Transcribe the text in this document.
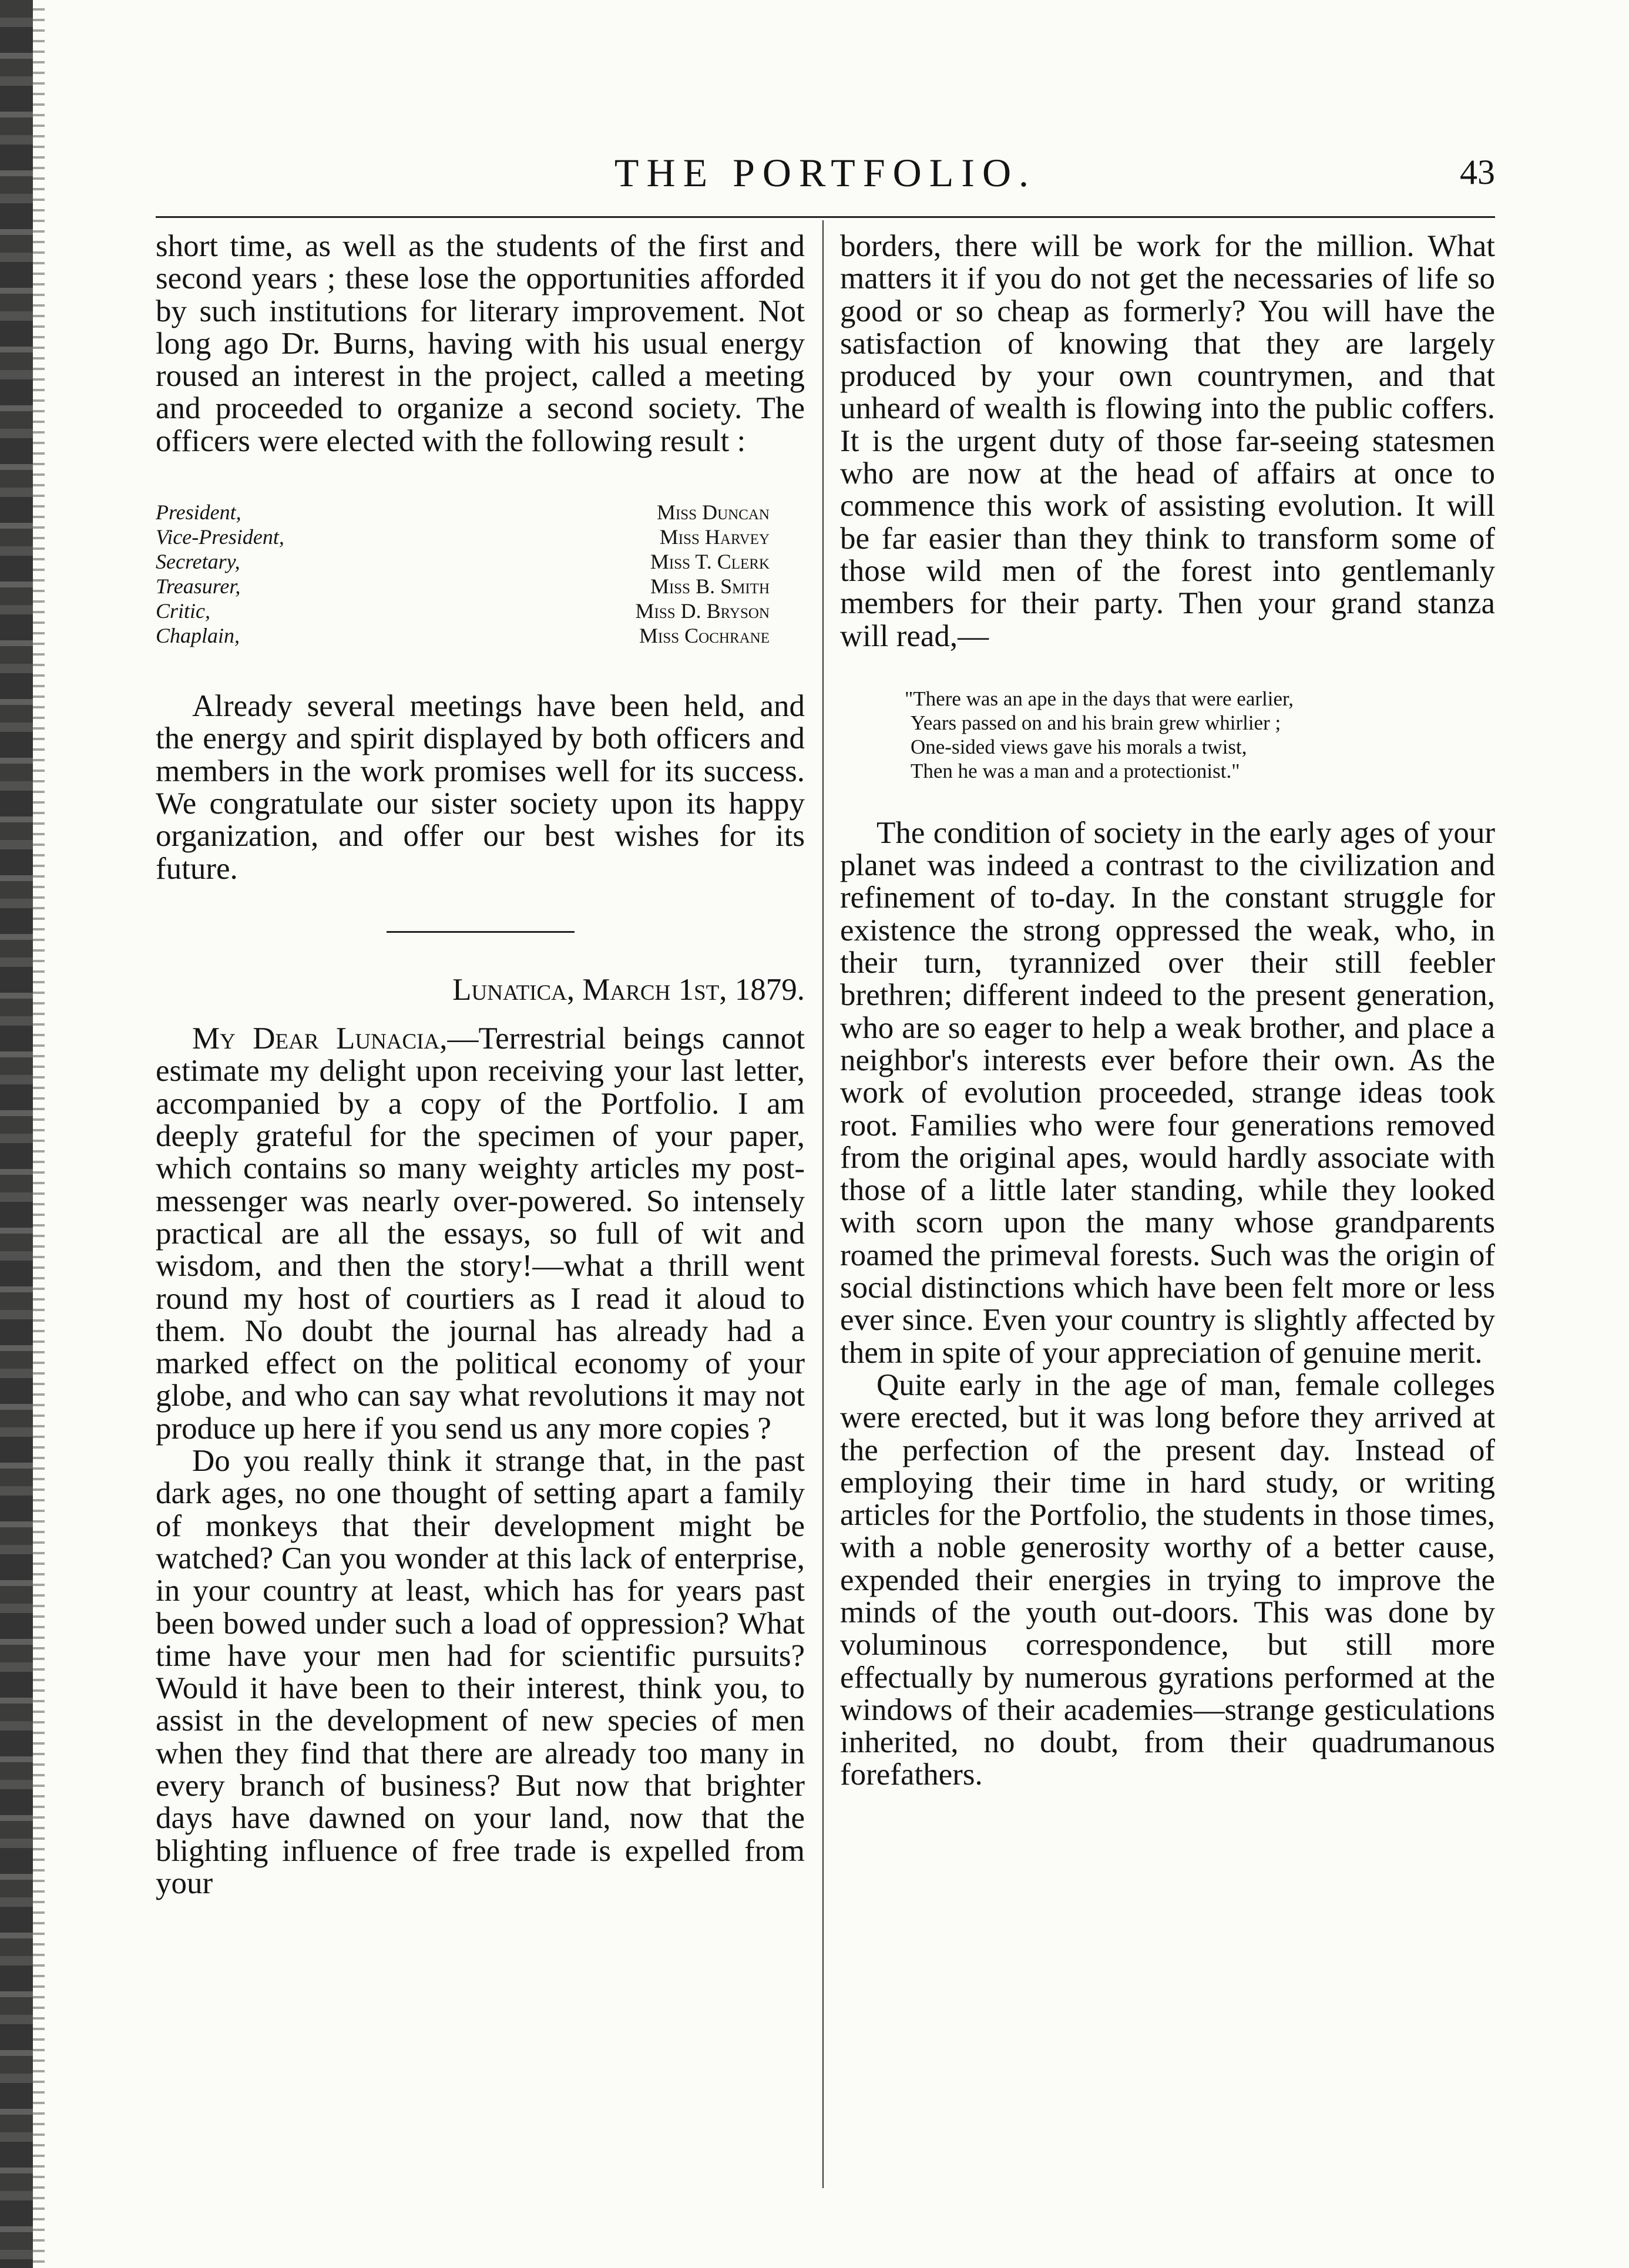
THE PORTFOLIO.	43

short time, as well as the students of the first and second years ; these lose the opportunities afforded by such institutions for literary improvement. Not long ago Dr. Burns, having with his usual energy roused an interest in the project, called a meeting and proceeded to organize a second society. The officers were elected with the following result :

President,	Miss Duncan
Vice-President,	Miss Harvey
Secretary,	Miss T. Clerk
Treasurer,	Miss B. Smith
Critic,	Miss D. Bryson
Chaplain,	Miss Cochrane

Already several meetings have been held, and the energy and spirit displayed by both officers and members in the work promises well for its success. We congratulate our sister society upon its happy organization, and offer our best wishes for its future.

Lunatica, March 1st, 1879.

My Dear Lunacia,—Terrestrial beings cannot estimate my delight upon receiving your last letter, accompanied by a copy of the Portfolio. I am deeply grateful for the specimen of your paper, which contains so many weighty articles my post-messenger was nearly over-powered. So intensely practical are all the essays, so full of wit and wisdom, and then the story!—what a thrill went round my host of courtiers as I read it aloud to them. No doubt the journal has already had a marked effect on the political economy of your globe, and who can say what revolutions it may not produce up here if you send us any more copies ?

Do you really think it strange that, in the past dark ages, no one thought of setting apart a family of monkeys that their development might be watched? Can you wonder at this lack of enterprise, in your country at least, which has for years past been bowed under such a load of oppression? What time have your men had for scientific pursuits? Would it have been to their interest, think you, to assist in the development of new species of men when they find that there are already too many in every branch of business? But now that brighter days have dawned on your land, now that the blighting influence of free trade is expelled from your

borders, there will be work for the million. What matters it if you do not get the necessaries of life so good or so cheap as formerly? You will have the satisfaction of knowing that they are largely produced by your own countrymen, and that unheard of wealth is flowing into the public coffers. It is the urgent duty of those far-seeing statesmen who are now at the head of affairs at once to commence this work of assisting evolution. It will be far easier than they think to transform some of those wild men of the forest into gentlemanly members for their party. Then your grand stanza will read,—

"There was an ape in the days that were earlier,
Years passed on and his brain grew whirlier ;
One-sided views gave his morals a twist,
Then he was a man and a protectionist."

The condition of society in the early ages of your planet was indeed a contrast to the civilization and refinement of to-day. In the constant struggle for existence the strong oppressed the weak, who, in their turn, tyrannized over their still feebler brethren; different indeed to the present generation, who are so eager to help a weak brother, and place a neighbor's interests ever before their own. As the work of evolution proceeded, strange ideas took root. Families who were four generations removed from the original apes, would hardly associate with those of a little later standing, while they looked with scorn upon the many whose grandparents roamed the primeval forests. Such was the origin of social distinctions which have been felt more or less ever since. Even your country is slightly affected by them in spite of your appreciation of genuine merit.

Quite early in the age of man, female colleges were erected, but it was long before they arrived at the perfection of the present day. Instead of employing their time in hard study, or writing articles for the Portfolio, the students in those times, with a noble generosity worthy of a better cause, expended their energies in trying to improve the minds of the youth out-doors. This was done by voluminous correspondence, but still more effectually by numerous gyrations performed at the windows of their academies—strange gesticulations inherited, no doubt, from their quadrumanous forefathers.
